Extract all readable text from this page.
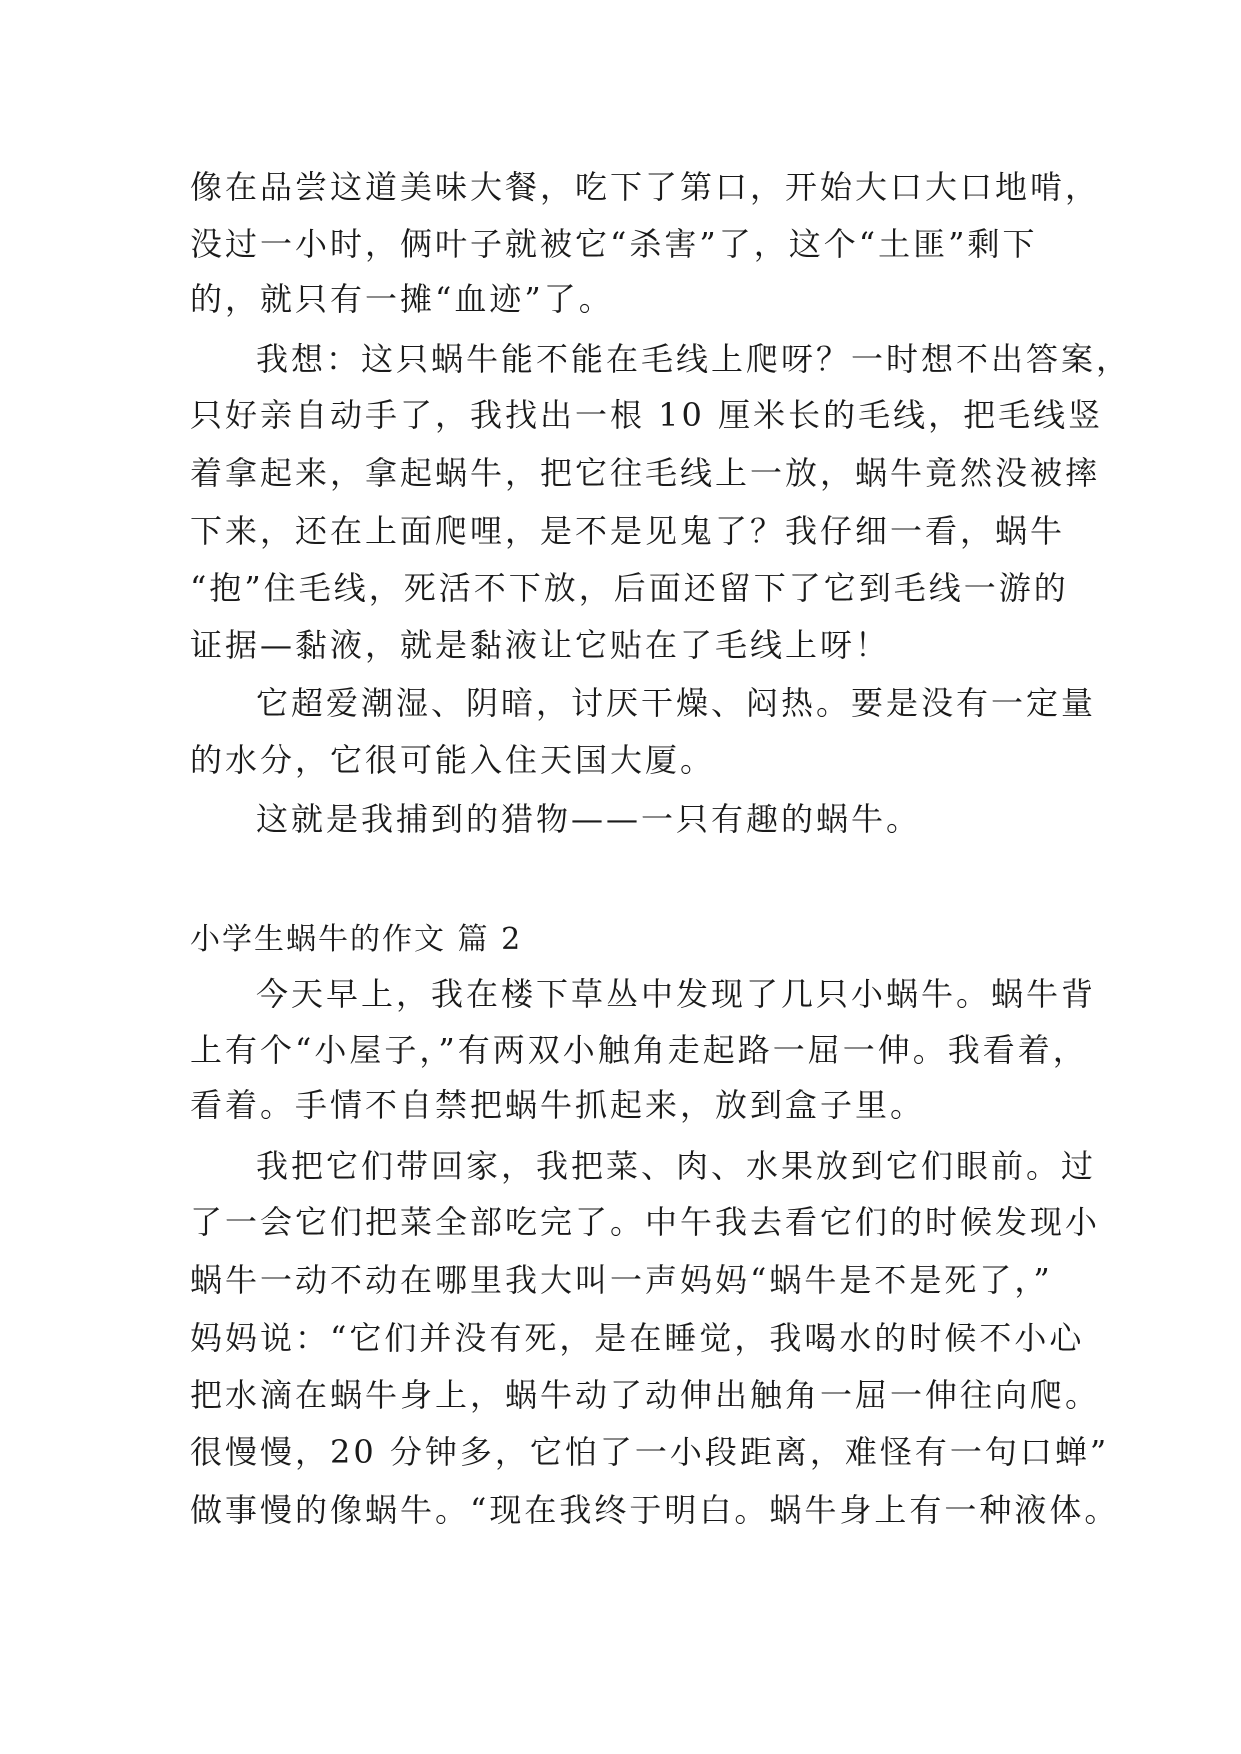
像在品尝这道美味大餐，吃下了第口，开始大口大口地啃，
没过一小时，俩叶子就被它“杀害”了，这个“土匪”剩下
的，就只有一摊“血迹”了。
我想：这只蜗牛能不能在毛线上爬呀？一时想不出答案，
只好亲自动手了，我找出一根 10 厘米长的毛线，把毛线竖
着拿起来，拿起蜗牛，把它往毛线上一放，蜗牛竟然没被摔
下来，还在上面爬哩，是不是见鬼了？我仔细一看，蜗牛
“抱”住毛线，死活不下放，后面还留下了它到毛线一游的
证据—黏液，就是黏液让它贴在了毛线上呀！
它超爱潮湿、阴暗，讨厌干燥、闷热。要是没有一定量
的水分，它很可能入住天国大厦。
这就是我捕到的猎物——一只有趣的蜗牛。
小学生蜗牛的作文 篇 2
今天早上，我在楼下草丛中发现了几只小蜗牛。蜗牛背
上有个“小屋子，”有两双小触角走起路一屈一伸。我看着，
看着。手情不自禁把蜗牛抓起来，放到盒子里。
我把它们带回家，我把菜、肉、水果放到它们眼前。过
了一会它们把菜全部吃完了。中午我去看它们的时候发现小
蜗牛一动不动在哪里我大叫一声妈妈“蜗牛是不是死了，”
妈妈说：“它们并没有死，是在睡觉，我喝水的时候不小心
把水滴在蜗牛身上，蜗牛动了动伸出触角一屈一伸往向爬。
很慢慢，20 分钟多，它怕了一小段距离，难怪有一句口蝉”
做事慢的像蜗牛。“现在我终于明白。蜗牛身上有一种液体。
